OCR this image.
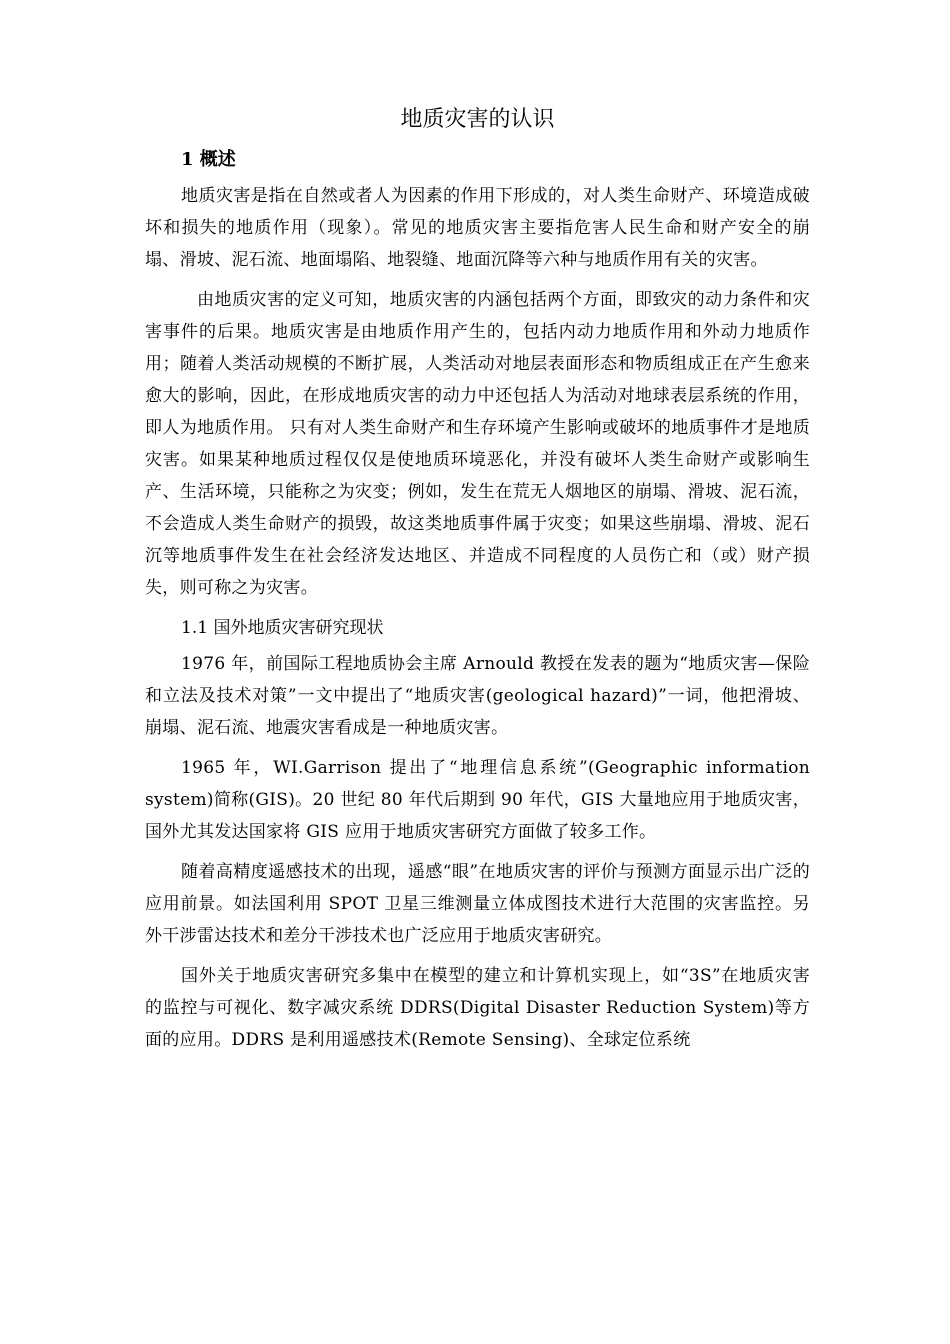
地质灾害的认识
1 概述

地质灾害是指在自然或者人为因素的作用下形成的，对人类生命财产、环境造成破坏和损失的地质作用（现象）。常见的地质灾害主要指危害人民生命和财产安全的崩塌、滑坡、泥石流、地面塌陷、地裂缝、地面沉降等六种与地质作用有关的灾害。

由地质灾害的定义可知，地质灾害的内涵包括两个方面，即致灾的动力条件和灾害事件的后果。地质灾害是由地质作用产生的，包括内动力地质作用和外动力地质作用；随着人类活动规模的不断扩展，人类活动对地层表面形态和物质组成正在产生愈来愈大的影响，因此，在形成地质灾害的动力中还包括人为活动对地球表层系统的作用，即人为地质作用。 只有对人类生命财产和生存环境产生影响或破坏的地质事件才是地质灾害。如果某种地质过程仅仅是使地质环境恶化，并没有破坏人类生命财产或影响生产、生活环境，只能称之为灾变；例如，发生在荒无人烟地区的崩塌、滑坡、泥石流，不会造成人类生命财产的损毁，故这类地质事件属于灾变；如果这些崩塌、滑坡、泥石沉等地质事件发生在社会经济发达地区、并造成不同程度的人员伤亡和（或）财产损失，则可称之为灾害。

1.1 国外地质灾害研究现状

1976 年，前国际工程地质协会主席 Arnould 教授在发表的题为“地质灾害—保险和立法及技术对策”一文中提出了“地质灾害(geological hazard)”一词，他把滑坡、崩塌、泥石流、地震灾害看成是一种地质灾害。

1965 年，WI.Garrison 提出了“地理信息系统”(Geographic information system)简称(GIS)。20 世纪 80 年代后期到 90 年代，GIS 大量地应用于地质灾害，国外尤其发达国家将 GIS 应用于地质灾害研究方面做了较多工作。

随着高精度遥感技术的出现，遥感“眼”在地质灾害的评价与预测方面显示出广泛的应用前景。如法国利用 SPOT 卫星三维测量立体成图技术进行大范围的灾害监控。另外干涉雷达技术和差分干涉技术也广泛应用于地质灾害研究。

国外关于地质灾害研究多集中在模型的建立和计算机实现上，如“3S”在地质灾害的监控与可视化、数字减灾系统 DDRS(Digital Disaster Reduction System)等方面的应用。DDRS 是利用遥感技术(Remote Sensing)、全球定位系统
